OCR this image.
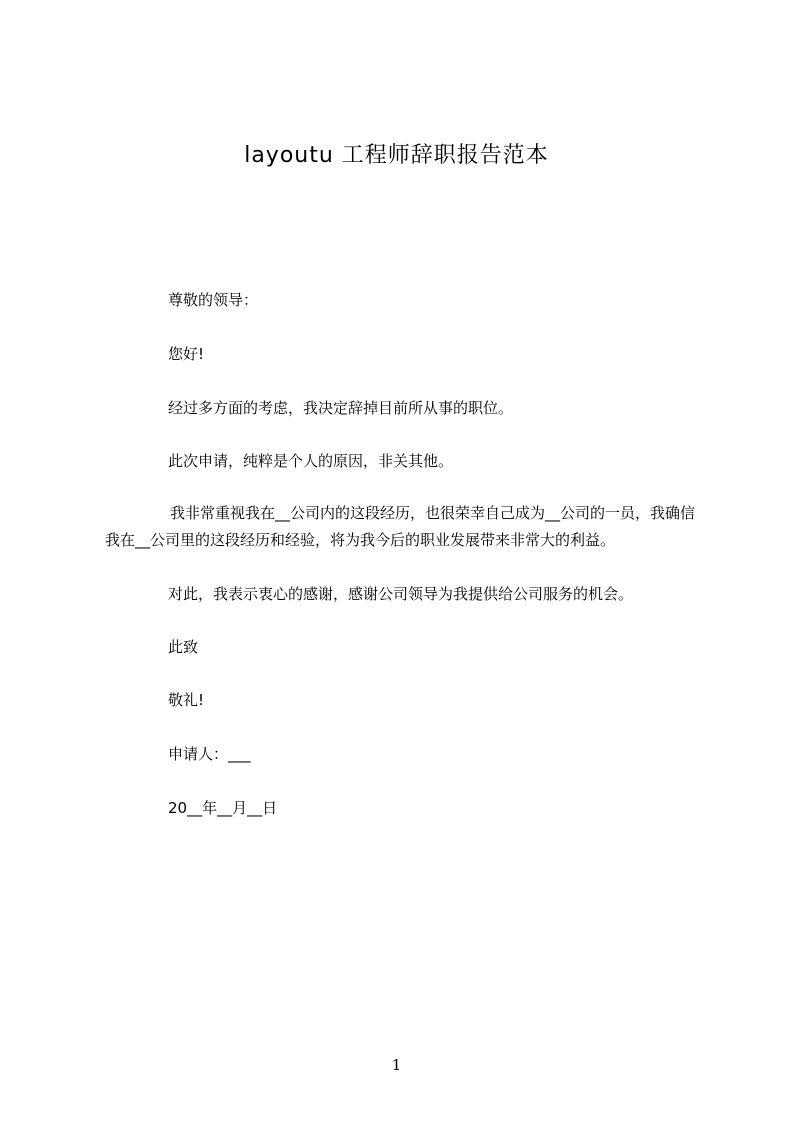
layoutu 工程师辞职报告范本
尊敬的领导：
您好!
经过多方面的考虑，我决定辞掉目前所从事的职位。
此次申请，纯粹是个人的原因，非关其他。
我非常重视我在__公司内的这段经历，也很荣幸自己成为__公司的一员，我确信我在__公司里的这段经历和经验，将为我今后的职业发展带来非常大的利益。
对此，我表示衷心的感谢，感谢公司领导为我提供给公司服务的机会。
此致
敬礼!
申请人：___
20__年__月__日
1
